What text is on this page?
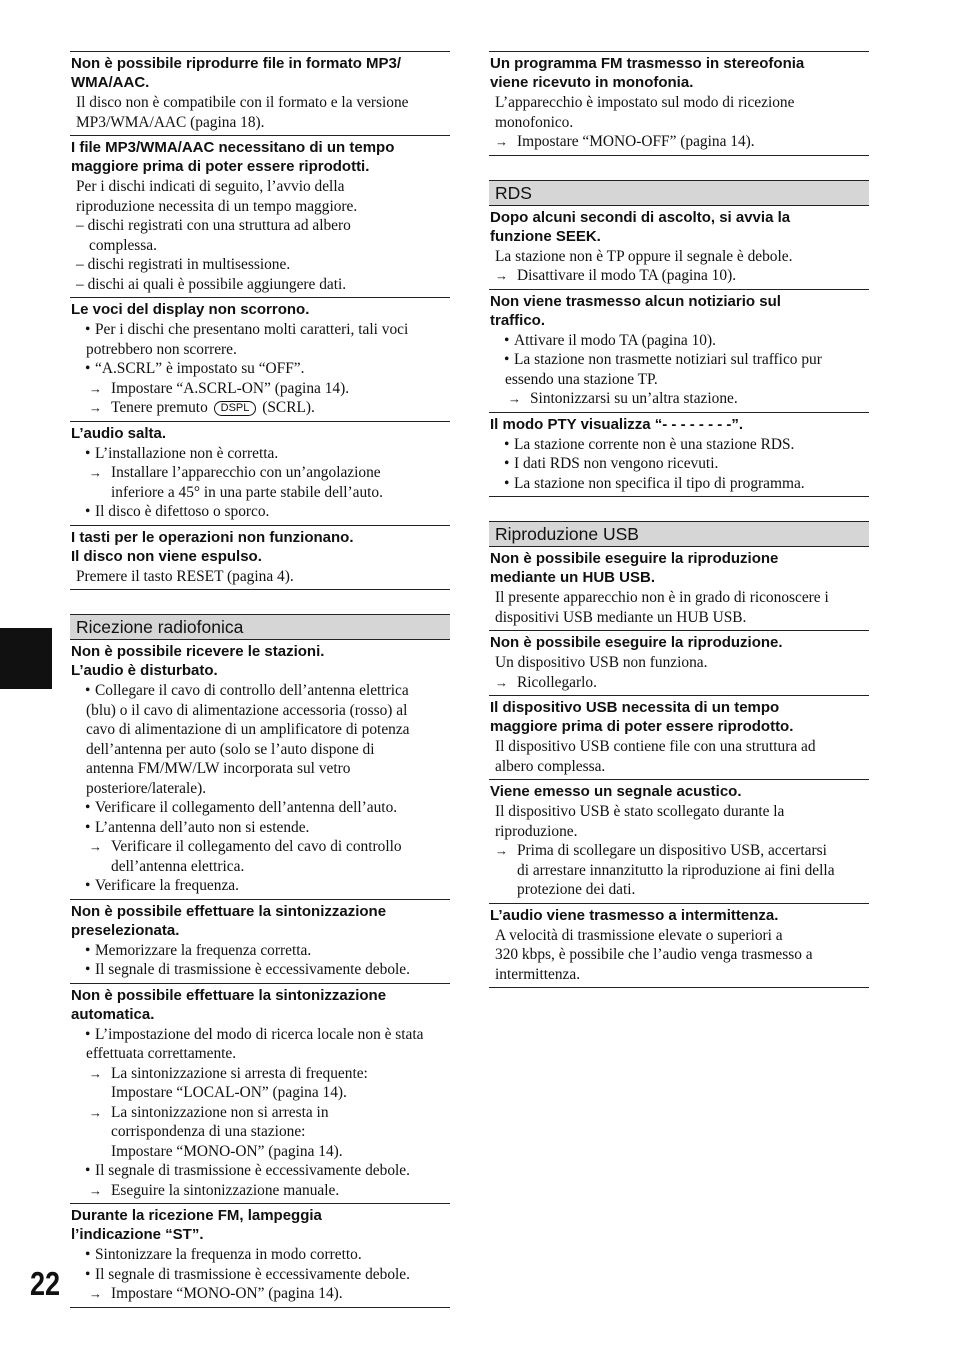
22
Non è possibile riprodurre file in formato MP3/
WMA/AAC.
Il disco non è compatibile con il formato e la versione
MP3/WMA/AAC (pagina 18).
I file MP3/WMA/AAC necessitano di un tempo
maggiore prima di poter essere riprodotti.
Per i dischi indicati di seguito, l’avvio della
riproduzione necessita di un tempo maggiore.
– dischi registrati con una struttura ad albero
complessa.
– dischi registrati in multisessione.
– dischi ai quali è possibile aggiungere dati.
Le voci del display non scorrono.
• Per i dischi che presentano molti caratteri, tali voci
potrebbero non scorrere.
• “A.SCRL” è impostato su “OFF”.
→ Impostare “A.SCRL-ON” (pagina 14).
→ Tenere premuto DSPL (SCRL).
L’audio salta.
• L’installazione non è corretta.
→ Installare l’apparecchio con un’angolazione
inferiore a 45° in una parte stabile dell’auto.
• Il disco è difettoso o sporco.
I tasti per le operazioni non funzionano.
Il disco non viene espulso.
Premere il tasto RESET (pagina 4).
Ricezione radiofonica
Non è possibile ricevere le stazioni.
L’audio è disturbato.
• Collegare il cavo di controllo dell’antenna elettrica
(blu) o il cavo di alimentazione accessoria (rosso) al
cavo di alimentazione di un amplificatore di potenza
dell’antenna per auto (solo se l’auto dispone di
antenna FM/MW/LW incorporata sul vetro
posteriore/laterale).
• Verificare il collegamento dell’antenna dell’auto.
• L’antenna dell’auto non si estende.
→ Verificare il collegamento del cavo di controllo
dell’antenna elettrica.
• Verificare la frequenza.
Non è possibile effettuare la sintonizzazione
preselezionata.
• Memorizzare la frequenza corretta.
• Il segnale di trasmissione è eccessivamente debole.
Non è possibile effettuare la sintonizzazione
automatica.
• L’impostazione del modo di ricerca locale non è stata
effettuata correttamente.
→ La sintonizzazione si arresta di frequente:
Impostare “LOCAL-ON” (pagina 14).
→ La sintonizzazione non si arresta in
corrispondenza di una stazione:
Impostare “MONO-ON” (pagina 14).
• Il segnale di trasmissione è eccessivamente debole.
→ Eseguire la sintonizzazione manuale.
Durante la ricezione FM, lampeggia
l’indicazione “ST”.
• Sintonizzare la frequenza in modo corretto.
• Il segnale di trasmissione è eccessivamente debole.
→ Impostare “MONO-ON” (pagina 14).
Un programma FM trasmesso in stereofonia
viene ricevuto in monofonia.
L’apparecchio è impostato sul modo di ricezione
monofonico.
→ Impostare “MONO-OFF” (pagina 14).
RDS
Dopo alcuni secondi di ascolto, si avvia la
funzione SEEK.
La stazione non è TP oppure il segnale è debole.
→ Disattivare il modo TA (pagina 10).
Non viene trasmesso alcun notiziario sul
traffico.
• Attivare il modo TA (pagina 10).
• La stazione non trasmette notiziari sul traffico pur
essendo una stazione TP.
→ Sintonizzarsi su un’altra stazione.
Il modo PTY visualizza “- - - - - - - -”.
• La stazione corrente non è una stazione RDS.
• I dati RDS non vengono ricevuti.
• La stazione non specifica il tipo di programma.
Riproduzione USB
Non è possibile eseguire la riproduzione
mediante un HUB USB.
Il presente apparecchio non è in grado di riconoscere i
dispositivi USB mediante un HUB USB.
Non è possibile eseguire la riproduzione.
Un dispositivo USB non funziona.
→ Ricollegarlo.
Il dispositivo USB necessita di un tempo
maggiore prima di poter essere riprodotto.
Il dispositivo USB contiene file con una struttura ad
albero complessa.
Viene emesso un segnale acustico.
Il dispositivo USB è stato scollegato durante la
riproduzione.
→ Prima di scollegare un dispositivo USB, accertarsi
di arrestare innanzitutto la riproduzione ai fini della
protezione dei dati.
L’audio viene trasmesso a intermittenza.
A velocità di trasmissione elevate o superiori a
320 kbps, è possibile che l’audio venga trasmesso a
intermittenza.
